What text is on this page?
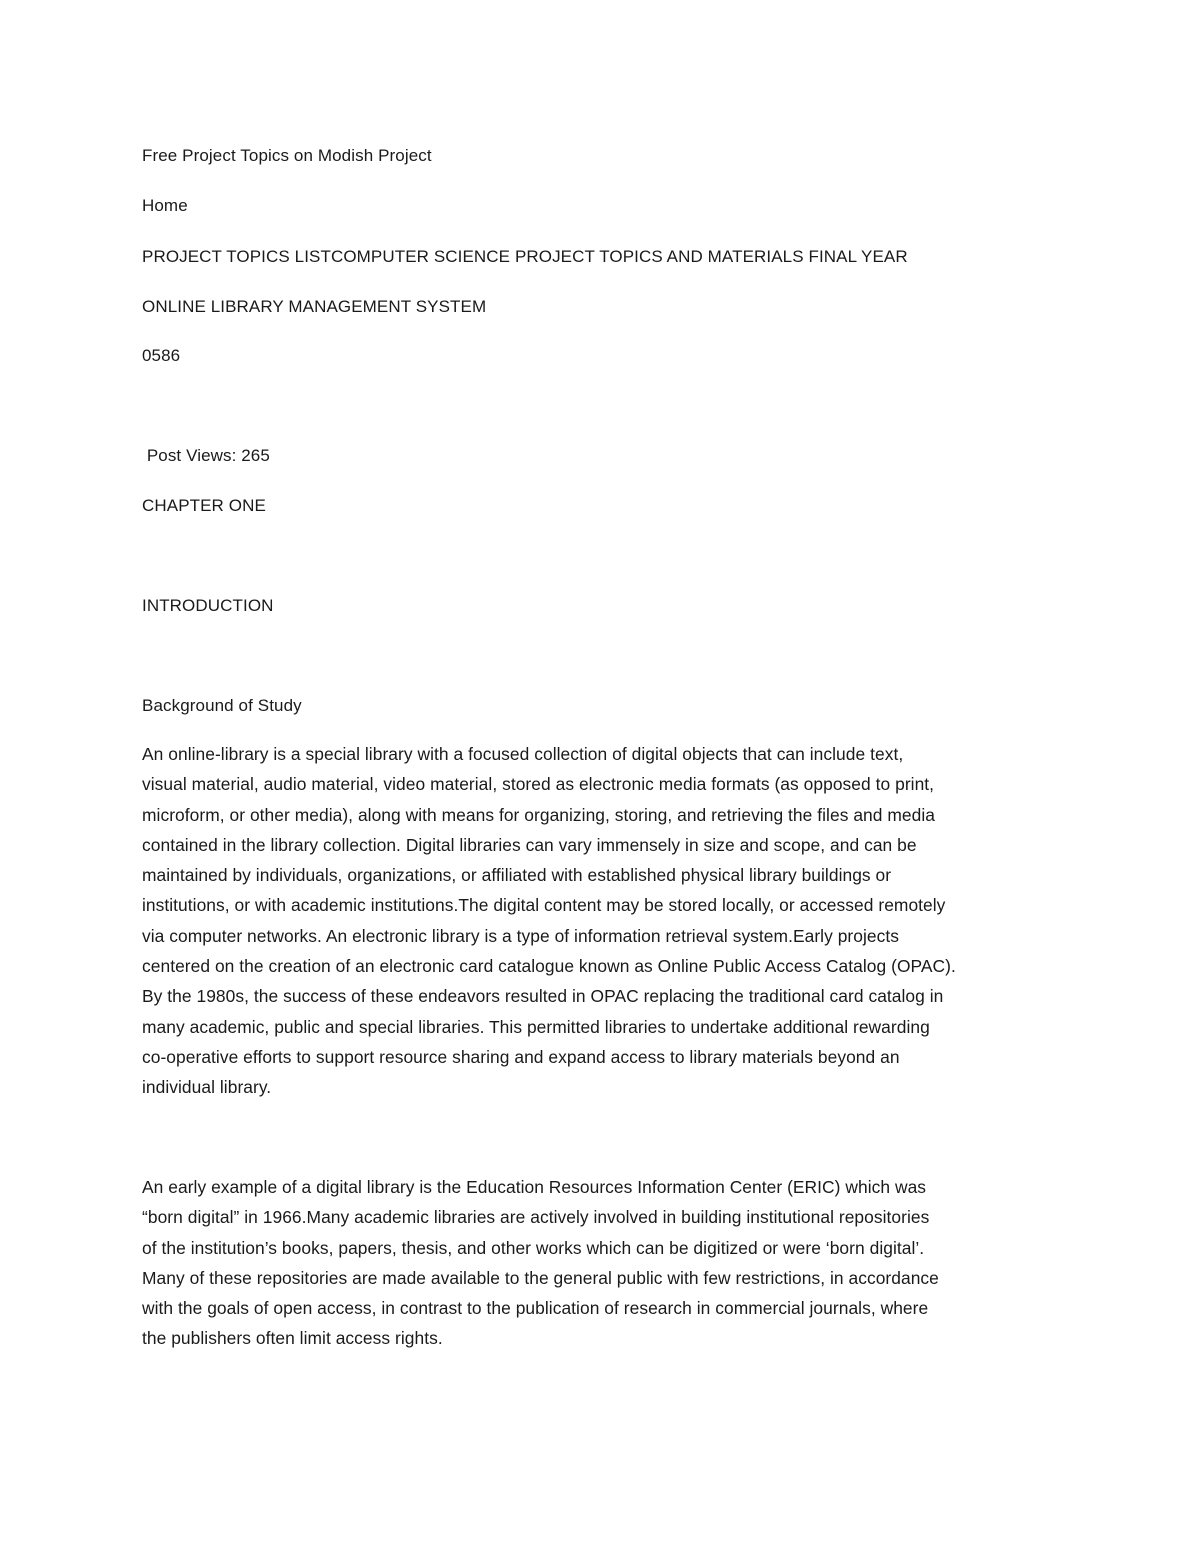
Free Project Topics on Modish Project

Home

PROJECT TOPICS LISTCOMPUTER SCIENCE PROJECT TOPICS AND MATERIALS FINAL YEAR

ONLINE LIBRARY MANAGEMENT SYSTEM

0586

Post Views: 265

CHAPTER ONE

INTRODUCTION

Background of Study

An online-library is a special library with a focused collection of digital objects that can include text,
visual material, audio material, video material, stored as electronic media formats (as opposed to print,
microform, or other media), along with means for organizing, storing, and retrieving the files and media
contained in the library collection. Digital libraries can vary immensely in size and scope, and can be
maintained by individuals, organizations, or affiliated with established physical library buildings or
institutions, or with academic institutions.The digital content may be stored locally, or accessed remotely
via computer networks. An electronic library is a type of information retrieval system.Early projects
centered on the creation of an electronic card catalogue known as Online Public Access Catalog (OPAC).
By the 1980s, the success of these endeavors resulted in OPAC replacing the traditional card catalog in
many academic, public and special libraries. This permitted libraries to undertake additional rewarding
co-operative efforts to support resource sharing and expand access to library materials beyond an
individual library.
An early example of a digital library is the Education Resources Information Center (ERIC) which was
“born digital” in 1966.Many academic libraries are actively involved in building institutional repositories
of the institution’s books, papers, thesis, and other works which can be digitized or were ‘born digital’.
Many of these repositories are made available to the general public with few restrictions, in accordance
with the goals of open access, in contrast to the publication of research in commercial journals, where
the publishers often limit access rights.
